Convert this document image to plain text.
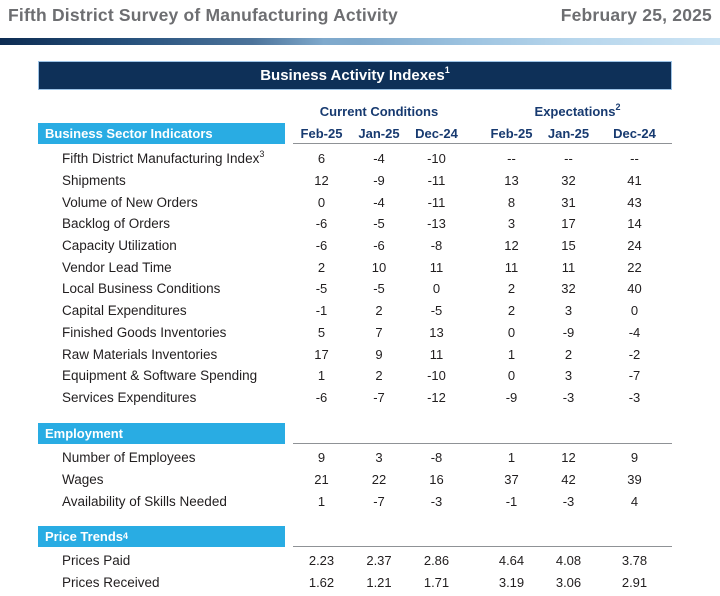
Fifth District Survey of Manufacturing Activity	February 25, 2025
Business Activity Indexes$^1$
Current Conditions	Expectations$^2$
Business Sector Indicators	Feb-25	Jan-25	Dec-24	Feb-25	Jan-25	Dec-24
Fifth District Manufacturing Index$^3$	6	-4	-10	--	--	--
Shipments	12	-9	-11	13	32	41
Volume of New Orders	0	-4	-11	8	31	43
Backlog of Orders	-6	-5	-13	3	17	14
Capacity Utilization	-6	-6	-8	12	15	24
Vendor Lead Time	2	10	11	11	11	22
Local Business Conditions	-5	-5	0	2	32	40
Capital Expenditures	-1	2	-5	2	3	0
Finished Goods Inventories	5	7	13	0	-9	-4
Raw Materials Inventories	17	9	11	1	2	-2
Equipment & Software Spending	1	2	-10	0	3	-7
Services Expenditures	-6	-7	-12	-9	-3	-3
Employment
Number of Employees	9	3	-8	1	12	9
Wages	21	22	16	37	42	39
Availability of Skills Needed	1	-7	-3	-1	-3	4
Price Trends$^4$
Prices Paid	2.23	2.37	2.86	4.64	4.08	3.78
Prices Received	1.62	1.21	1.71	3.19	3.06	2.91
